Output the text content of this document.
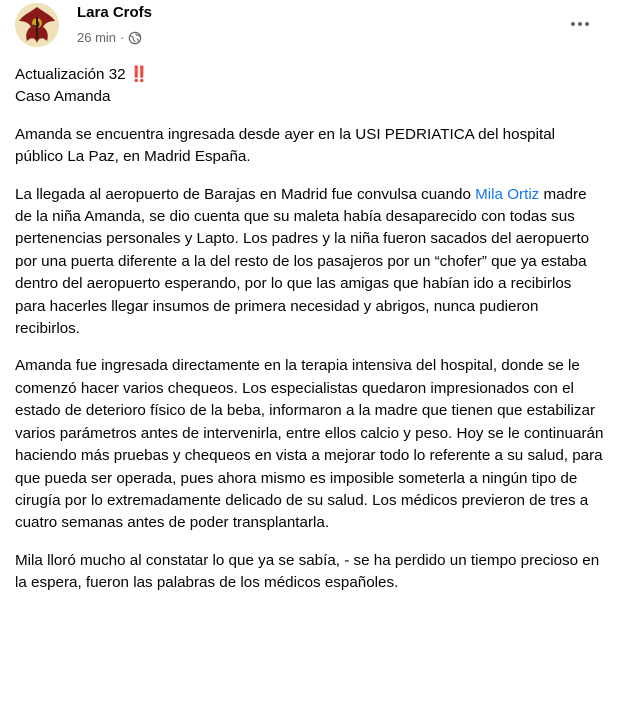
Lara Crofs
26 min ·

Actualización 32 ‼️
Caso Amanda

Amanda se encuentra ingresada desde ayer en la USI PEDRIATICA del hospital público La Paz, en Madrid España.

La llegada al aeropuerto de Barajas en Madrid fue convulsa cuando Mila Ortiz madre de la niña Amanda, se dio cuenta que su maleta había desaparecido con todas sus pertenencias personales y Lapto. Los padres y la niña fueron sacados del aeropuerto por una puerta diferente a la del resto de los pasajeros por un “chofer” que ya estaba dentro del aeropuerto esperando, por lo que las amigas que habían ido a recibirlos para hacerles llegar insumos de primera necesidad y abrigos, nunca pudieron recibirlos.

Amanda fue ingresada directamente en la terapia intensiva del hospital, donde se le comenzó hacer varios chequeos. Los especialistas quedaron impresionados con el estado de deterioro físico de la beba, informaron a la madre que tienen que estabilizar varios parámetros antes de intervenirla, entre ellos calcio y peso. Hoy se le continuarán haciendo más pruebas y chequeos en vista a mejorar todo lo referente a su salud, para que pueda ser operada, pues ahora mismo es imposible someterla a ningún tipo de cirugía por lo extremadamente delicado de su salud. Los médicos previeron de tres a cuatro semanas antes de poder transplantarla.

Mila lloró mucho al constatar lo que ya se sabía, - se ha perdido un tiempo precioso en la espera, fueron las palabras de los médicos españoles.
